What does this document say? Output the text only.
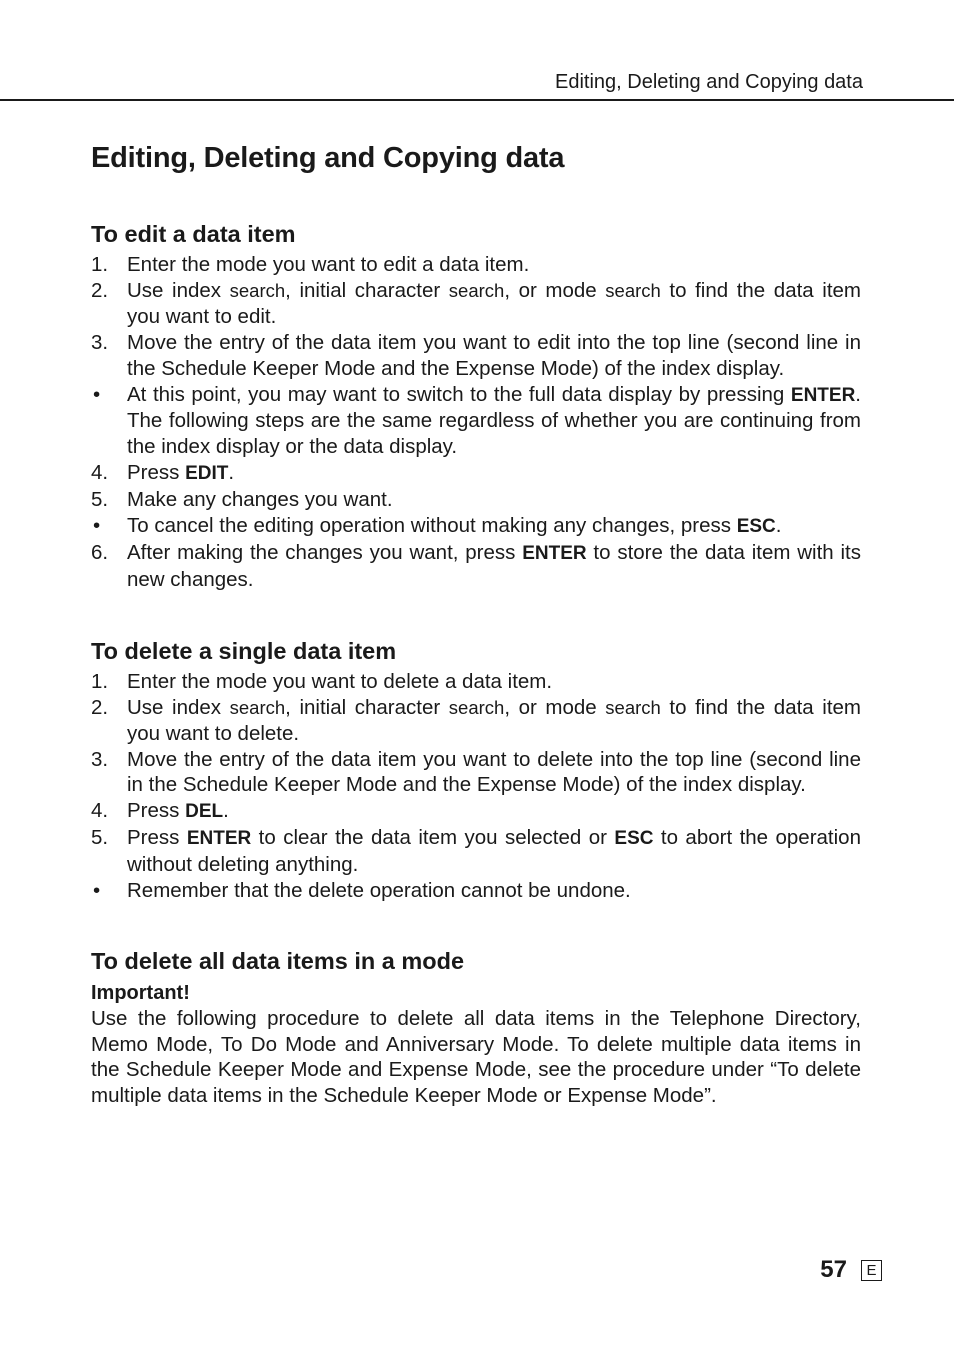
Editing, Deleting and Copying data
Editing, Deleting and Copying data
To edit a data item
1. Enter the mode you want to edit a data item.
2. Use index search, initial character search, or mode search to find the data item you want to edit.
3. Move the entry of the data item you want to edit into the top line (second line in the Schedule Keeper Mode and the Expense Mode) of the index display.
•	At this point, you may want to switch to the full data display by pressing ENTER. The following steps are the same regardless of whether you are continuing from the index display or the data display.
4. Press EDIT.
5. Make any changes you want.
•	To cancel the editing operation without making any changes, press ESC.
6. After making the changes you want, press ENTER to store the data item with its new changes.
To delete a single data item
1. Enter the mode you want to delete a data item.
2. Use index search, initial character search, or mode search to find the data item you want to delete.
3. Move the entry of the data item you want to delete into the top line (second line in the Schedule Keeper Mode and the Expense Mode) of the index display.
4. Press DEL.
5. Press ENTER to clear the data item you selected or ESC to abort the operation without deleting anything.
•	Remember that the delete operation cannot be undone.
To delete all data items in a mode
Important!

Use the following procedure to delete all data items in the Telephone Directory, Memo Mode, To Do Mode and Anniversary Mode. To delete multiple data items in the Schedule Keeper Mode and Expense Mode, see the procedure under “To delete multiple data items in the Schedule Keeper Mode or Expense Mode”.

57	E
